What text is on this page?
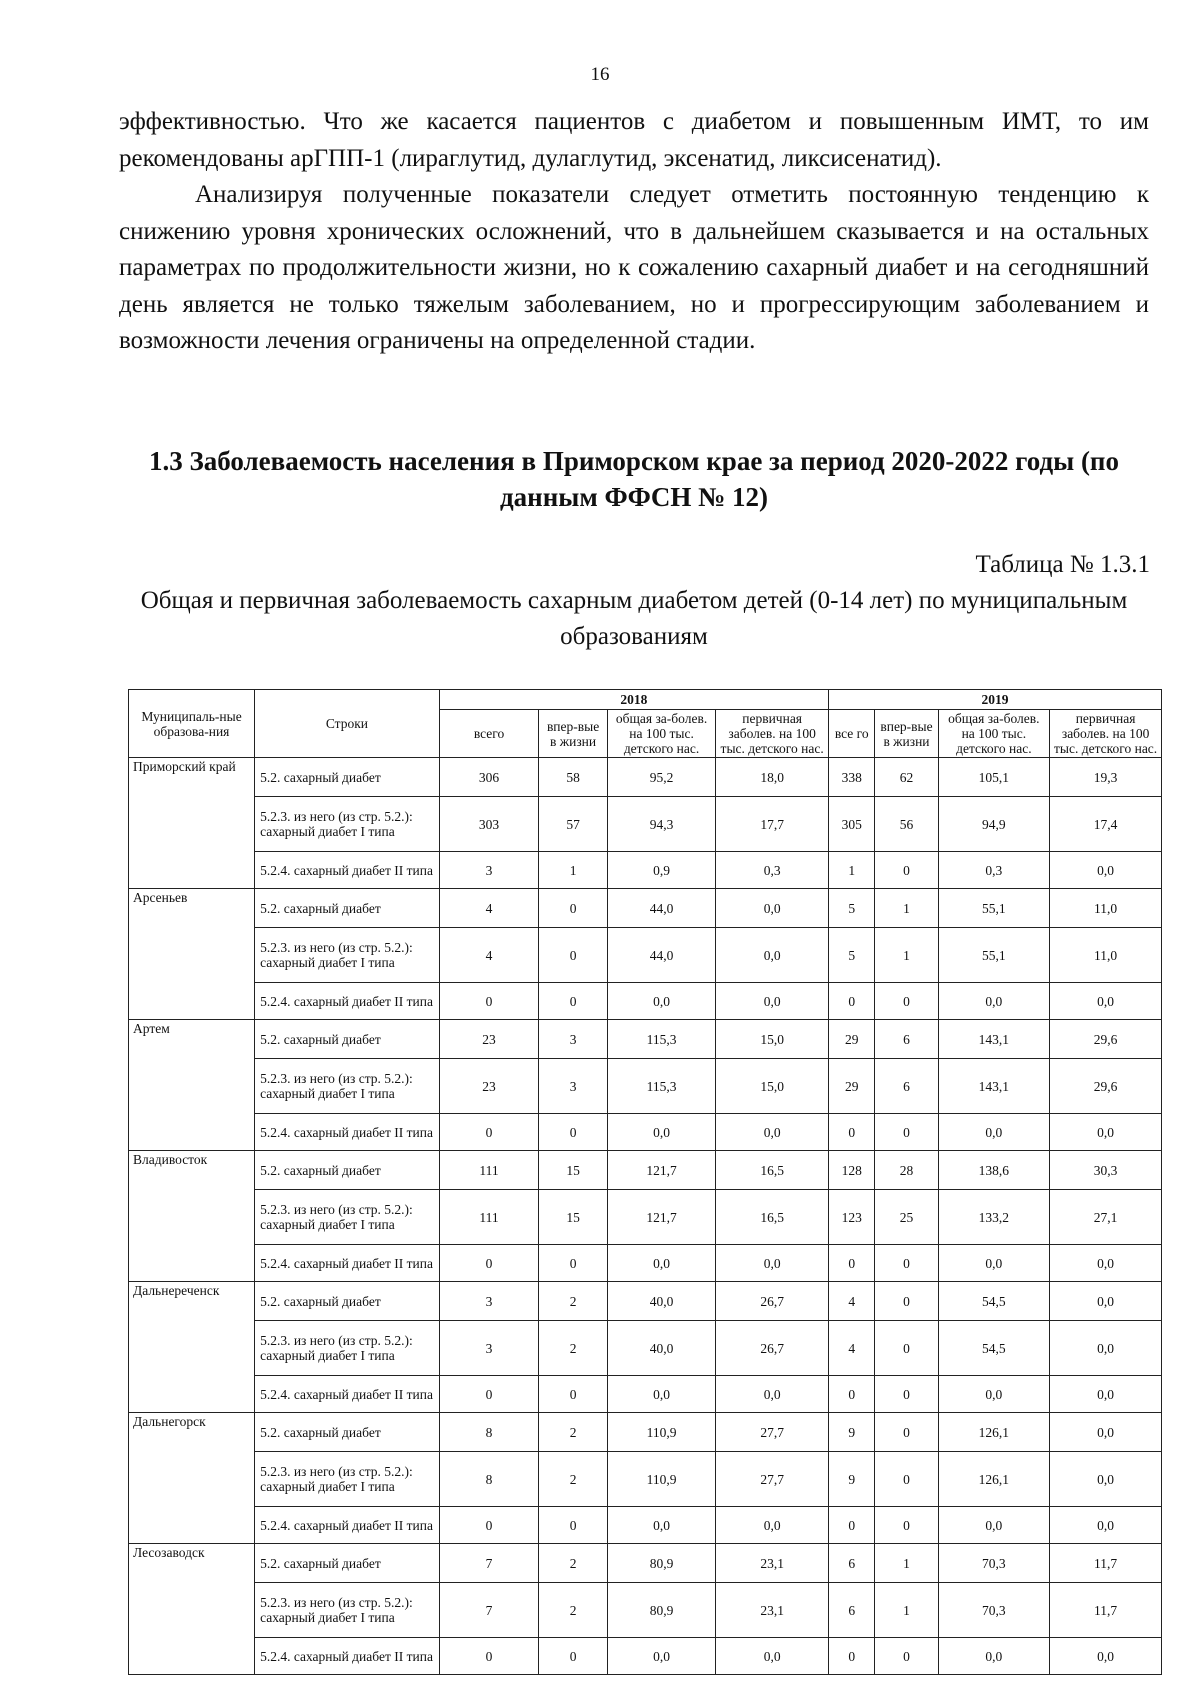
16

эффективностью. Что же касается пациентов с диабетом и повышенным ИМТ, то им рекомендованы арГПП-1 (лираглутид, дулаглутид, эксенатид, ликсисенатид).

Анализируя полученные показатели следует отметить постоянную тенденцию к снижению уровня хронических осложнений, что в дальнейшем сказывается и на остальных параметрах по продолжительности жизни, но к сожалению сахарный диабет и на сегодняшний день является не только тяжелым заболеванием, но и прогрессирующим заболеванием и возможности лечения ограничены на определенной стадии.

1.3 Заболеваемость населения в Приморском крае за период 2020-2022 годы (по данным ФФСН № 12)
Таблица № 1.3.1

Общая и первичная заболеваемость сахарным диабетом детей (0-14 лет) по муниципальным образованиям

Муниципаль-ные образова-ния	Строки	2018				2019			
		всего	впер-вые в жизни	общая за-болев. на 100 тыс. детского нас.	первичная заболев. на 100 тыс. детского нас.	все го	впер-вые в жизни	общая за-болев. на 100 тыс. детского нас.	первичная заболев. на 100 тыс. детского нас.
Приморский край	5.2. сахарный диабет	306	58	95,2	18,0	338	62	105,1	19,3
	5.2.3. из него (из стр. 5.2.): сахарный диабет I типа	303	57	94,3	17,7	305	56	94,9	17,4
	5.2.4. сахарный диабет II типа	3	1	0,9	0,3	1	0	0,3	0,0
Арсеньев	5.2. сахарный диабет	4	0	44,0	0,0	5	1	55,1	11,0
	5.2.3. из него (из стр. 5.2.): сахарный диабет I типа	4	0	44,0	0,0	5	1	55,1	11,0
	5.2.4. сахарный диабет II типа	0	0	0,0	0,0	0	0	0,0	0,0
Артем	5.2. сахарный диабет	23	3	115,3	15,0	29	6	143,1	29,6
	5.2.3. из него (из стр. 5.2.): сахарный диабет I типа	23	3	115,3	15,0	29	6	143,1	29,6
	5.2.4. сахарный диабет II типа	0	0	0,0	0,0	0	0	0,0	0,0
Владивосток	5.2. сахарный диабет	111	15	121,7	16,5	128	28	138,6	30,3
	5.2.3. из него (из стр. 5.2.): сахарный диабет I типа	111	15	121,7	16,5	123	25	133,2	27,1
	5.2.4. сахарный диабет II типа	0	0	0,0	0,0	0	0	0,0	0,0
Дальнереченск	5.2. сахарный диабет	3	2	40,0	26,7	4	0	54,5	0,0
	5.2.3. из него (из стр. 5.2.): сахарный диабет I типа	3	2	40,0	26,7	4	0	54,5	0,0
	5.2.4. сахарный диабет II типа	0	0	0,0	0,0	0	0	0,0	0,0
Дальнегорск	5.2. сахарный диабет	8	2	110,9	27,7	9	0	126,1	0,0
	5.2.3. из него (из стр. 5.2.): сахарный диабет I типа	8	2	110,9	27,7	9	0	126,1	0,0
	5.2.4. сахарный диабет II типа	0	0	0,0	0,0	0	0	0,0	0,0
Лесозаводск	5.2. сахарный диабет	7	2	80,9	23,1	6	1	70,3	11,7
	5.2.3. из него (из стр. 5.2.): сахарный диабет I типа	7	2	80,9	23,1	6	1	70,3	11,7
	5.2.4. сахарный диабет II типа	0	0	0,0	0,0	0	0	0,0	0,0
